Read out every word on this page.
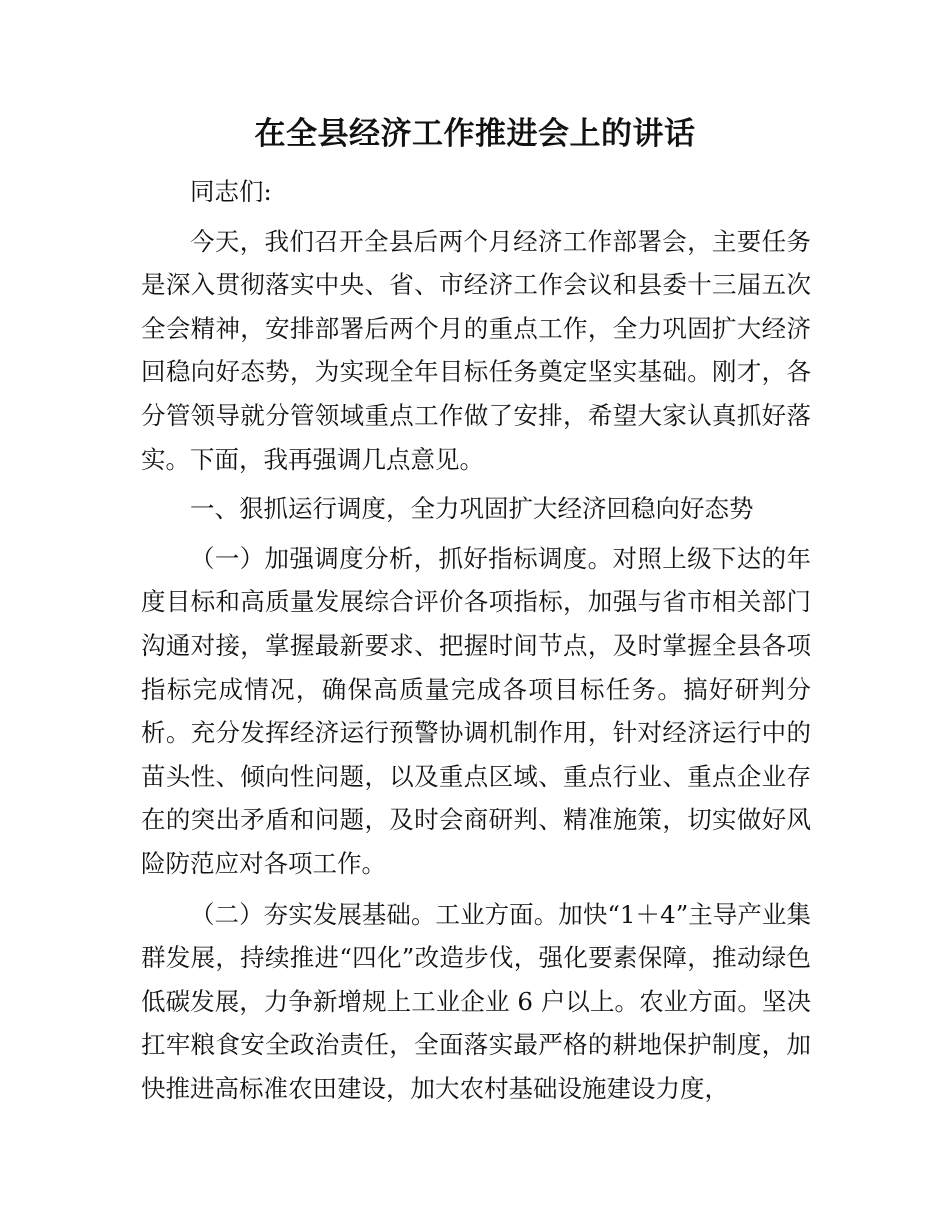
在全县经济工作推进会上的讲话

同志们:

今天，我们召开全县后两个月经济工作部署会，主要任务是深入贯彻落实中央、省、市经济工作会议和县委十三届五次全会精神，安排部署后两个月的重点工作，全力巩固扩大经济回稳向好态势，为实现全年目标任务奠定坚实基础。刚才，各分管领导就分管领域重点工作做了安排，希望大家认真抓好落实。下面，我再强调几点意见。

一、狠抓运行调度，全力巩固扩大经济回稳向好态势

（一）加强调度分析，抓好指标调度。对照上级下达的年度目标和高质量发展综合评价各项指标，加强与省市相关部门沟通对接，掌握最新要求、把握时间节点，及时掌握全县各项指标完成情况，确保高质量完成各项目标任务。搞好研判分析。充分发挥经济运行预警协调机制作用，针对经济运行中的苗头性、倾向性问题，以及重点区域、重点行业、重点企业存在的突出矛盾和问题，及时会商研判、精准施策，切实做好风险防范应对各项工作。

（二）夯实发展基础。工业方面。加快“1＋4”主导产业集群发展，持续推进“四化”改造步伐，强化要素保障，推动绿色低碳发展，力争新增规上工业企业 6 户以上。农业方面。坚决扛牢粮食安全政治责任，全面落实最严格的耕地保护制度，加快推进高标准农田建设，加大农村基础设施建设力度，
